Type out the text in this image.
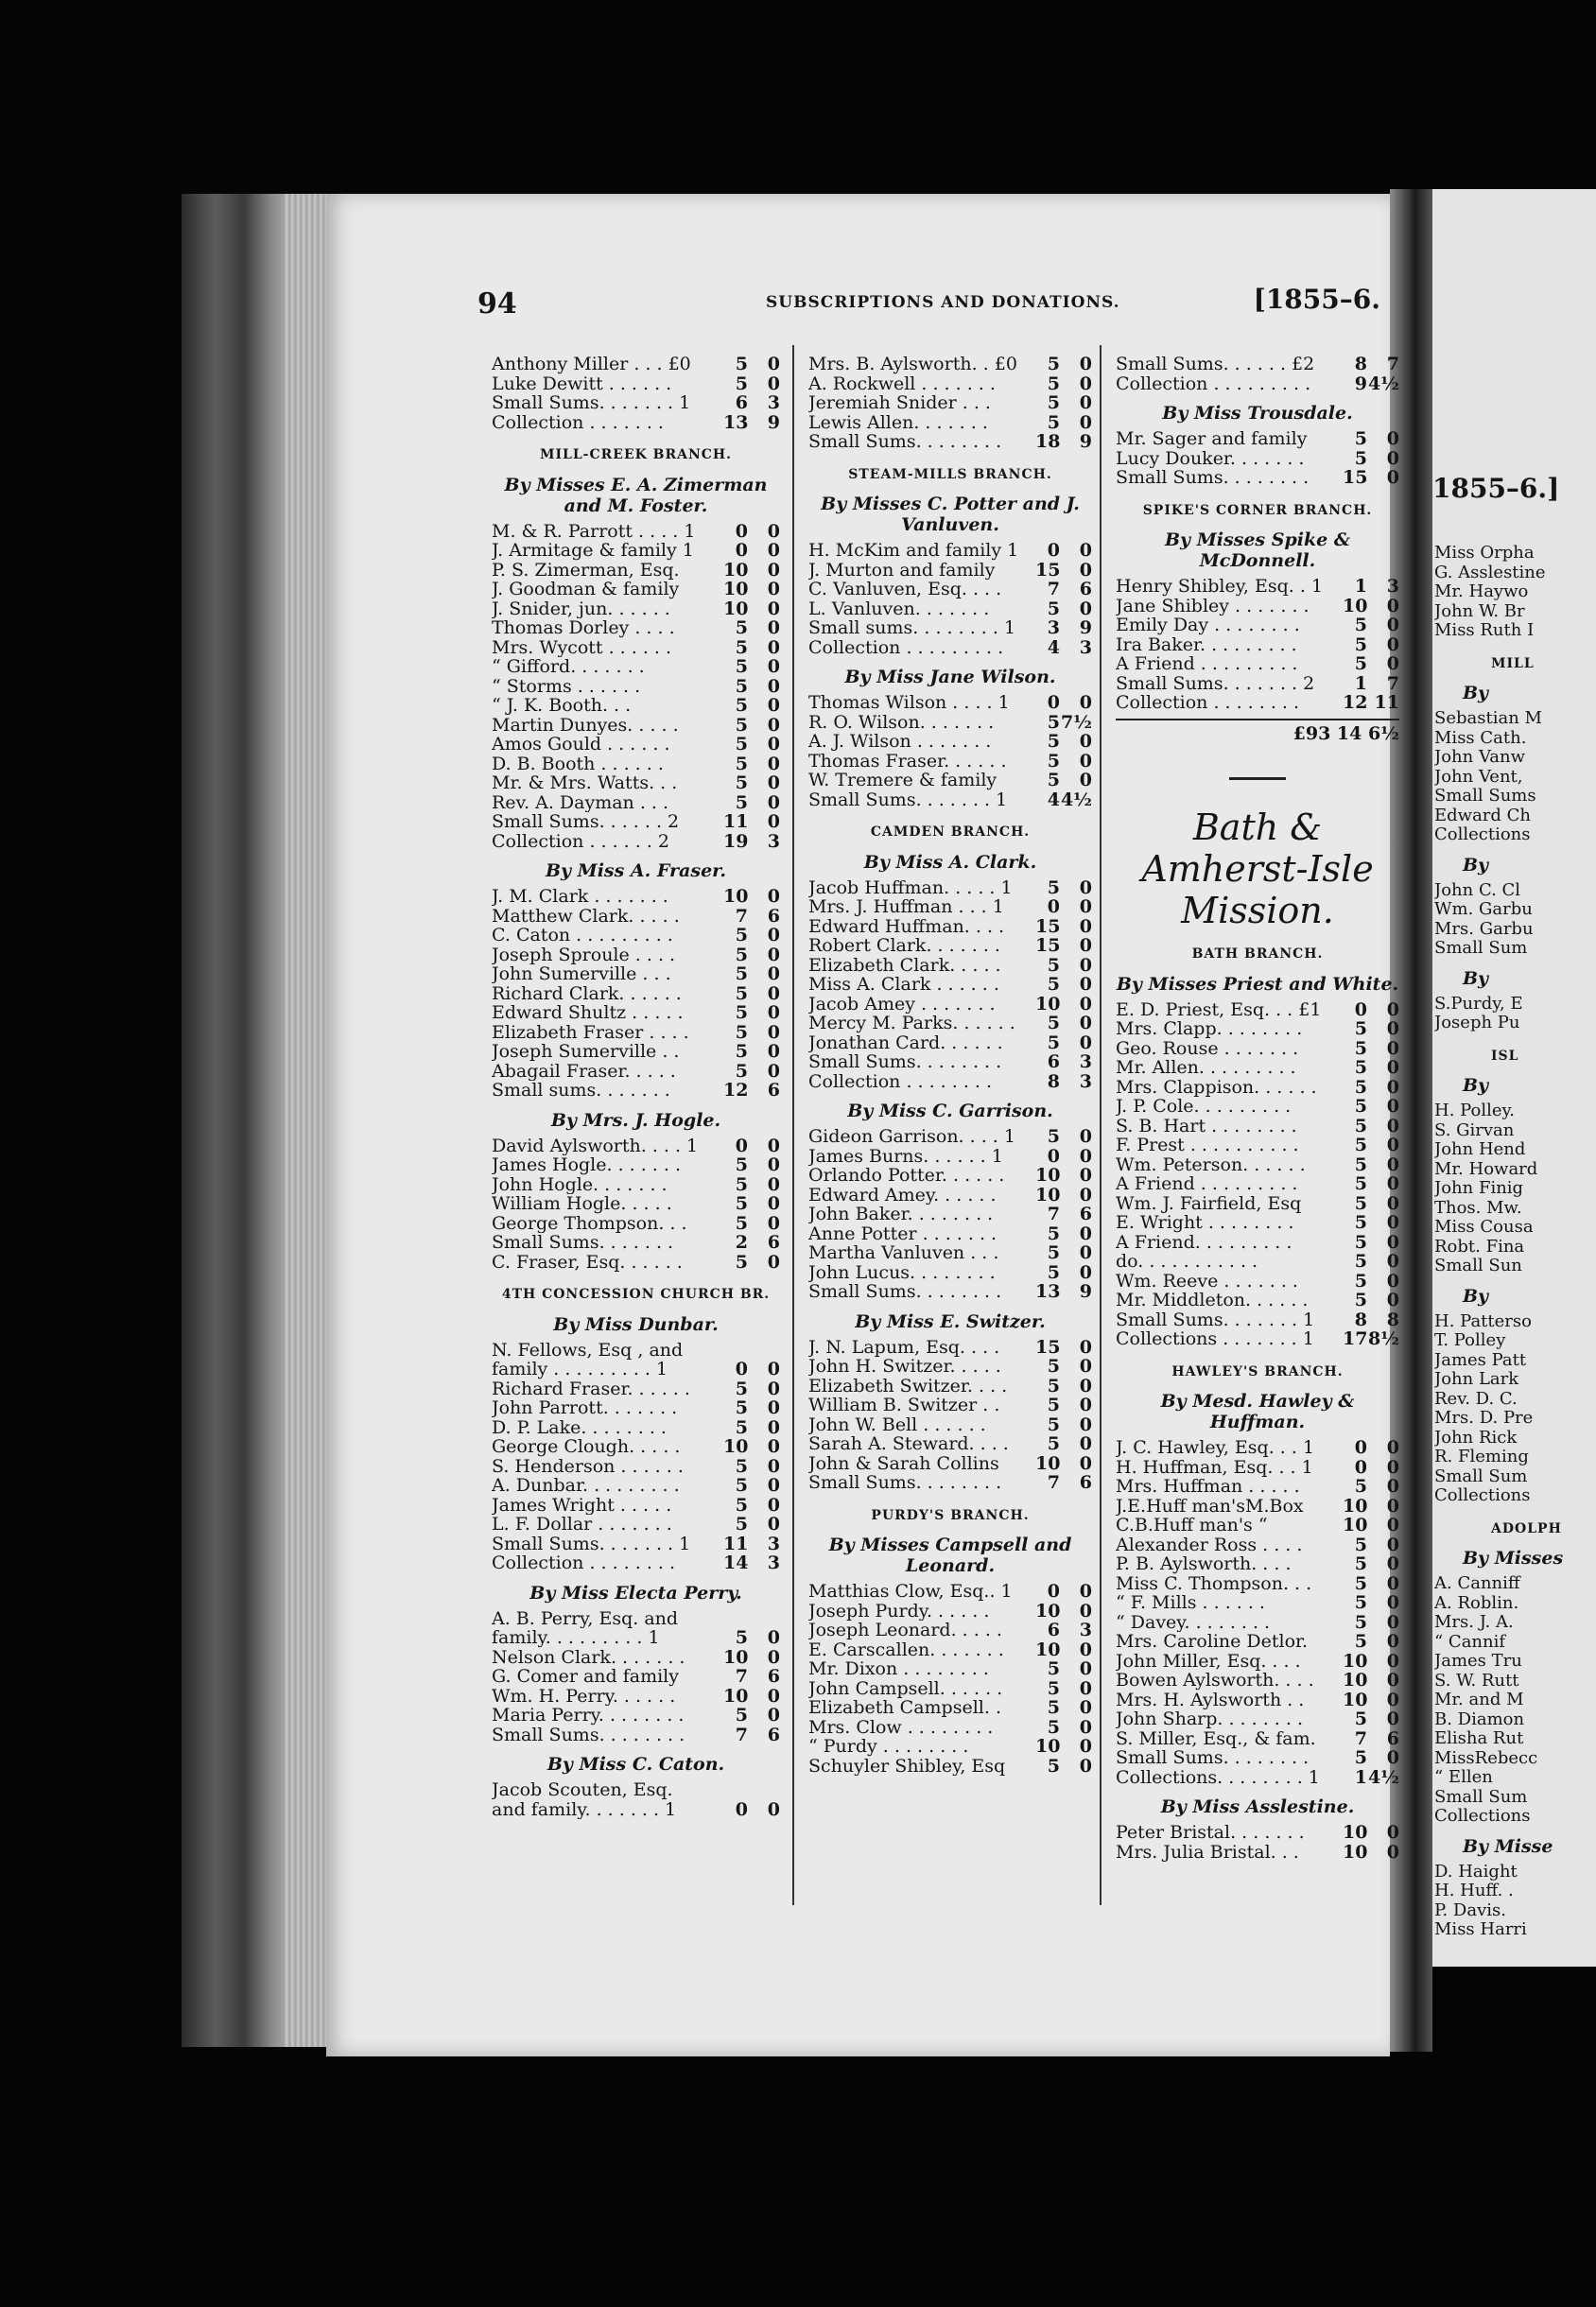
1855–6.]
Miss Orpha
G. Asslestine
Mr. Haywo
John W. Br
Miss Ruth I
MILL
By
Sebastian M
Miss Cath.
John Vanw
John Vent,
Small Sums
Edward Ch
Collections
By
John C. Cl
Wm. Garbu
Mrs. Garbu
Small Sum
By
S.Purdy, E
Joseph Pu
ISL
By
H. Polley.
S. Girvan
John Hend
Mr. Howard
John Finig
Thos. Mw.
Miss Cousa
Robt. Fina
Small Sun
By
H. Patterso
T. Polley
James Patt
John Lark
Rev. D. C.
Mrs. D. Pre
John Rick
R. Fleming
Small Sum
Collections
ADOLPH
By Misses
A. Canniff
A. Roblin.
Mrs. J. A.
“ Cannif
James Tru
S. W. Rutt
Mr. and M
B. Diamon
Elisha Rut
MissRebecc
“ Ellen
Small Sum
Collections
By Misse
D. Haight
H. Huff. .
P. Davis.
Miss Harri
94	SUBSCRIPTIONS AND DONATIONS.	[1855–6.
Anthony Miller . . . £0	5	0
Luke Dewitt . . . . . .	5	0
Small Sums. . . . . . . 1	6	3
Collection . . . . . . .	13	9
MILL-CREEK BRANCH.
By Misses E. A. Zimerman and M. Foster.
M. & R. Parrott . . . . 1	0	0
J. Armitage & family 1	0	0
P. S. Zimerman, Esq.	10	0
J. Goodman & family	10	0
J. Snider, jun. . . . . .	10	0
Thomas Dorley . . . .	5	0
Mrs. Wycott . . . . . .	5	0
“ Gifford. . . . . . .	5	0
“ Storms . . . . . .	5	0
“ J. K. Booth. . .	5	0
Martin Dunyes. . . . .	5	0
Amos Gould . . . . . .	5	0
D. B. Booth . . . . . .	5	0
Mr. & Mrs. Watts. . .	5	0
Rev. A. Dayman . . .	5	0
Small Sums. . . . . . 2	11	0
Collection . . . . . . 2	19	3
By Miss A. Fraser.
J. M. Clark . . . . . . .	10	0
Matthew Clark. . . . .	7	6
C. Caton . . . . . . . . .	5	0
Joseph Sproule . . . .	5	0
John Sumerville . . .	5	0
Richard Clark. . . . . .	5	0
Edward Shultz . . . . .	5	0
Elizabeth Fraser . . . .	5	0
Joseph Sumerville . .	5	0
Abagail Fraser. . . . .	5	0
Small sums. . . . . . .	12	6
By Mrs. J. Hogle.
David Aylsworth. . . . 1	0	0
James Hogle. . . . . . .	5	0
John Hogle. . . . . . .	5	0
William Hogle. . . . .	5	0
George Thompson. . .	5	0
Small Sums. . . . . . .	2	6
C. Fraser, Esq. . . . . .	5	0
4TH CONCESSION CHURCH BR.
By Miss Dunbar.
N. Fellows, Esq , and
family . . . . . . . . . 1	0	0
Richard Fraser. . . . . .	5	0
John Parrott. . . . . . .	5	0
D. P. Lake. . . . . . . .	5	0
George Clough. . . . .	10	0
S. Henderson . . . . . .	5	0
A. Dunbar. . . . . . . . .	5	0
James Wright . . . . .	5	0
L. F. Dollar . . . . . . .	5	0
Small Sums. . . . . . . 1	11	3
Collection . . . . . . . .	14	3
By Miss Electa Perry.
A. B. Perry, Esq. and
family. . . . . . . . . 1	5	0
Nelson Clark. . . . . . .	10	0
G. Comer and family	7	6
Wm. H. Perry. . . . . .	10	0
Maria Perry. . . . . . . .	5	0
Small Sums. . . . . . . .	7	6
By Miss C. Caton.
Jacob Scouten, Esq.
and family. . . . . . . 1	0	0
Mrs. B. Aylsworth. . £0	5	0
A. Rockwell . . . . . . .	5	0
Jeremiah Snider . . .	5	0
Lewis Allen. . . . . . .	5	0
Small Sums. . . . . . . .	18	9
STEAM-MILLS BRANCH.
By Misses C. Potter and J. Vanluven.
H. McKim and family 1	0	0
J. Murton and family	15	0
C. Vanluven, Esq. . . .	7	6
L. Vanluven. . . . . . .	5	0
Small sums. . . . . . . . 1	3	9
Collection . . . . . . . . .	4	3
By Miss Jane Wilson.
Thomas Wilson . . . . 1	0	0
R. O. Wilson. . . . . . .	5 7½
A. J. Wilson . . . . . . .	5	0
Thomas Fraser. . . . . .	5	0
W. Tremere & family	5	0
Small Sums. . . . . . . 1	4 4½
CAMDEN BRANCH.
By Miss A. Clark.
Jacob Huffman. . . . . 1	5	0
Mrs. J. Huffman . . . 1	0	0
Edward Huffman. . . .	15	0
Robert Clark. . . . . . .	15	0
Elizabeth Clark. . . . .	5	0
Miss A. Clark . . . . . .	5	0
Jacob Amey . . . . . . .	10	0
Mercy M. Parks. . . . . .	5	0
Jonathan Card. . . . . .	5	0
Small Sums. . . . . . . .	6	3
Collection . . . . . . . .	8	3
By Miss C. Garrison.
Gideon Garrison. . . . 1	5	0
James Burns. . . . . . 1	0	0
Orlando Potter. . . . . .	10	0
Edward Amey. . . . . .	10	0
John Baker. . . . . . . .	7	6
Anne Potter . . . . . . .	5	0
Martha Vanluven . . .	5	0
John Lucus. . . . . . . .	5	0
Small Sums. . . . . . . .	13	9
By Miss E. Switzer.
J. N. Lapum, Esq. . . .	15	0
John H. Switzer. . . . .	5	0
Elizabeth Switzer. . . .	5	0
William B. Switzer . .	5	0
John W. Bell . . . . . .	5	0
Sarah A. Steward. . . .	5	0
John & Sarah Collins	10	0
Small Sums. . . . . . . .	7	6
PURDY'S BRANCH.
By Misses Campsell and Leonard.
Matthias Clow, Esq.. 1	0	0
Joseph Purdy. . . . . .	10	0
Joseph Leonard. . . . .	6	3
E. Carscallen. . . . . . .	10	0
Mr. Dixon . . . . . . . .	5	0
John Campsell. . . . . .	5	0
Elizabeth Campsell. .	5	0
Mrs. Clow . . . . . . . .	5	0
“ Purdy . . . . . . . .	10	0
Schuyler Shibley, Esq	5	0
Small Sums. . . . . . £2	8	7
Collection . . . . . . . . .	9 4½
By Miss Trousdale.
Mr. Sager and family	5	0
Lucy Douker. . . . . . .	5	0
Small Sums. . . . . . . .	15	0
SPIKE'S CORNER BRANCH.
By Misses Spike & McDonnell.
Henry Shibley, Esq. . 1	1	3
Jane Shibley . . . . . . .	10	0
Emily Day . . . . . . . .	5	0
Ira Baker. . . . . . . . .	5	0
A Friend . . . . . . . . .	5	0
Small Sums. . . . . . . 2	1	7
Collection . . . . . . . .	12 11
£93 14 6½
Bath & Amherst-Isle Mission.
BATH BRANCH.
By Misses Priest and White.
E. D. Priest, Esq. . . £1	0	0
Mrs. Clapp. . . . . . . .	5	0
Geo. Rouse . . . . . . .	5	0
Mr. Allen. . . . . . . . .	5	0
Mrs. Clappison. . . . . .	5	0
J. P. Cole. . . . . . . . .	5	0
S. B. Hart . . . . . . . .	5	0
F. Prest . . . . . . . . . .	5	0
Wm. Peterson. . . . . .	5	0
A Friend . . . . . . . . .	5	0
Wm. J. Fairfield, Esq	5	0
E. Wright . . . . . . . .	5	0
A Friend. . . . . . . . .	5	0
do. . . . . . . . . . .	5	0
Wm. Reeve . . . . . . .	5	0
Mr. Middleton. . . . . .	5	0
Small Sums. . . . . . . 1	8	8
Collections . . . . . . . 1	17 8½
HAWLEY'S BRANCH.
By Mesd. Hawley & Huffman.
J. C. Hawley, Esq. . . 1	0	0
H. Huffman, Esq. . . 1	0	0
Mrs. Huffman . . . . .	5	0
J.E.Huff man'sM.Box	10	0
C.B.Huff man's “	10	0
Alexander Ross . . . .	5	0
P. B. Aylsworth. . . .	5	0
Miss C. Thompson. . .	5	0
“ F. Mills . . . . . .	5	0
“ Davey. . . . . . . .	5	0
Mrs. Caroline Detlor.	5	0
John Miller, Esq. . . .	10	0
Bowen Aylsworth. . . .	10	0
Mrs. H. Aylsworth . .	10	0
John Sharp. . . . . . . .	5	0
S. Miller, Esq., & fam.	7	6
Small Sums. . . . . . . .	5	0
Collections. . . . . . . . 1	1 4½
By Miss Asslestine.
Peter Bristal. . . . . . .	10	0
Mrs. Julia Bristal. . .	10	0
